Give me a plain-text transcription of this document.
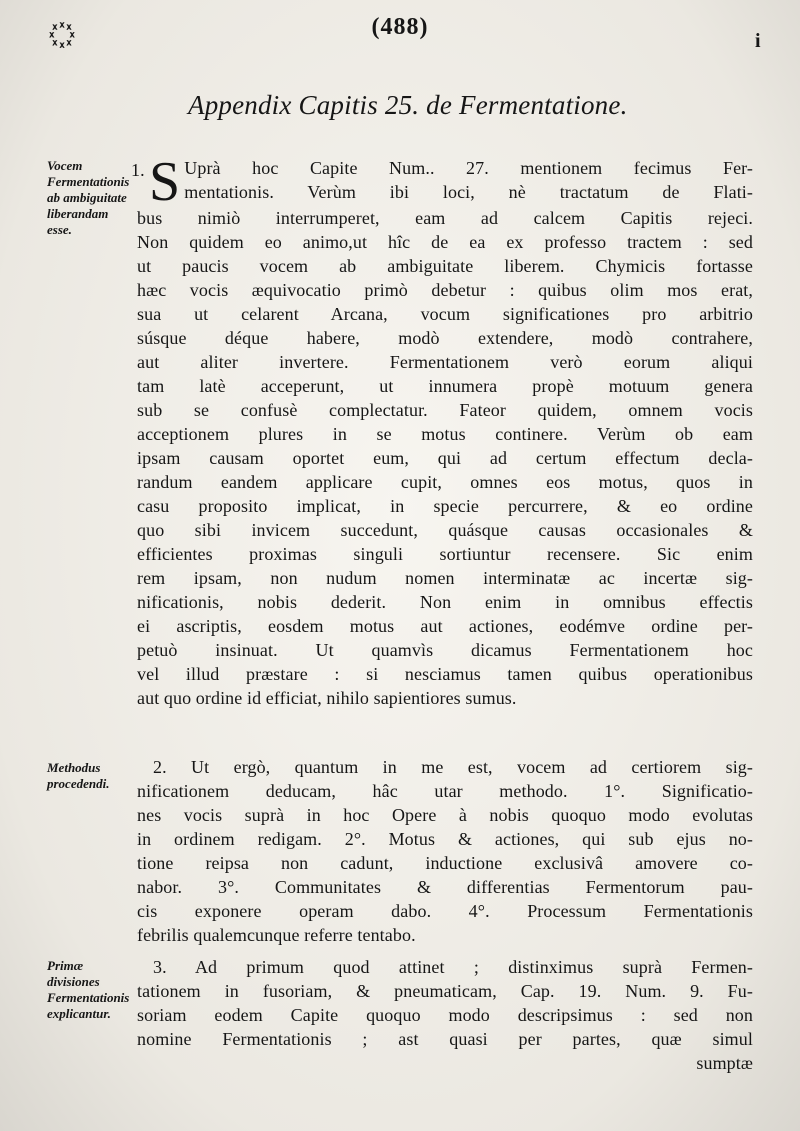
(488)
i
Appendix Capitis 25. de Fermentatione.
Vocem Fermentationis ab ambiguitate liberandam esse.
Methodus procedendi.
Primæ divisiones Fermentationis explicantur.
1. S Uprà hoc Capite Num.. 27. mentionem fecimus Fer-
mentationis. Verùm ibi loci, nè tractatum de Flati-
bus nimiò interrumperet, eam ad calcem Capitis rejeci.
Non quidem eo animo,ut hîc de ea ex professo tractem : sed
ut paucis vocem ab ambiguitate liberem. Chymicis fortasse
hæc vocis æquivocatio primò debetur : quibus olim mos erat,
sua ut celarent Arcana, vocum significationes pro arbitrio
súsque déque habere, modò extendere, modò contrahere,
aut aliter invertere. Fermentationem verò eorum aliqui
tam latè acceperunt, ut innumera propè motuum genera
sub se confusè complectatur. Fateor quidem, omnem vocis
acceptionem plures in se motus continere. Verùm ob eam
ipsam causam oportet eum, qui ad certum effectum decla-
randum eandem applicare cupit, omnes eos motus, quos in
casu proposito implicat, in specie percurrere, & eo ordine
quo sibi invicem succedunt, quásque causas occasionales &
efficientes proximas singuli sortiuntur recensere. Sic enim
rem ipsam, non nudum nomen interminatæ ac incertæ sig-
nificationis, nobis dederit. Non enim in omnibus effectis
ei ascriptis, eosdem motus aut actiones, eodémve ordine per-
petuò insinuat. Ut quamvìs dicamus Fermentationem hoc
vel illud præstare : si nesciamus tamen quibus operationibus
aut quo ordine id efficiat, nihilo sapientiores sumus.
2. Ut ergò, quantum in me est, vocem ad certiorem sig-
nificationem deducam, hâc utar methodo. 1°. Significatio-
nes vocis suprà in hoc Opere à nobis quoquo modo evolutas
in ordinem redigam. 2°. Motus & actiones, qui sub ejus no-
tione reipsa non cadunt, inductione exclusivâ amovere co-
nabor. 3°. Communitates & differentias Fermentorum pau-
cis exponere operam dabo. 4°. Processum Fermentationis
febrilis qualemcunque referre tentabo.
3. Ad primum quod attinet ; distinximus suprà Fermen-
tationem in fusoriam, & pneumaticam, Cap. 19. Num. 9. Fu-
soriam eodem Capite quoquo modo descripsimus : sed non
nomine Fermentationis ; ast quasi per partes, quæ simul
sumptæ
